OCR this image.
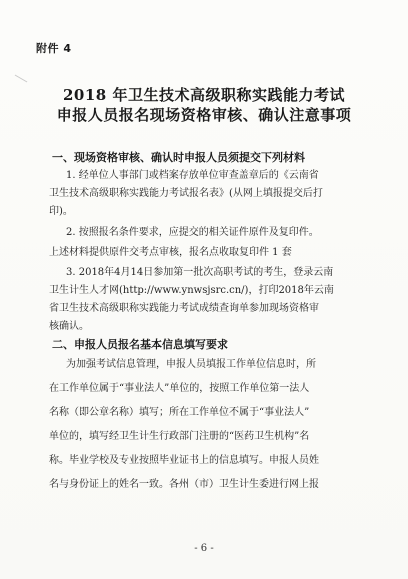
附件 4
2018 年卫生技术高级职称实践能力考试
申报人员报名现场资格审核、确认注意事项
一、现场资格审核、确认时申报人员须提交下列材料
1. 经单位人事部门或档案存放单位审查盖章后的《云南省
卫生技术高级职称实践能力考试报名表》(从网上填报提交后打
印)。
2. 按照报名条件要求，应提交的相关证件原件及复印件。
上述材料提供原件交考点审核，报名点收取复印件 1 套
3. 2018年4月14日参加第一批次高职考试的考生，登录云南
卫生计生人才网(http://www.ynwsjsrc.cn/)，打印2018年云南
省卫生技术高级职称实践能力考试成绩查询单参加现场资格审
核确认。
二、申报人员报名基本信息填写要求
为加强考试信息管理，申报人员填报工作单位信息时，所
在工作单位属于“事业法人”单位的，按照工作单位第一法人
名称（即公章名称）填写；所在工作单位不属于“事业法人”
单位的，填写经卫生计生行政部门注册的“医药卫生机构”名
称。毕业学校及专业按照毕业证书上的信息填写。申报人员姓
名与身份证上的姓名一致。各州（市）卫生计生委进行网上报
- 6 -
